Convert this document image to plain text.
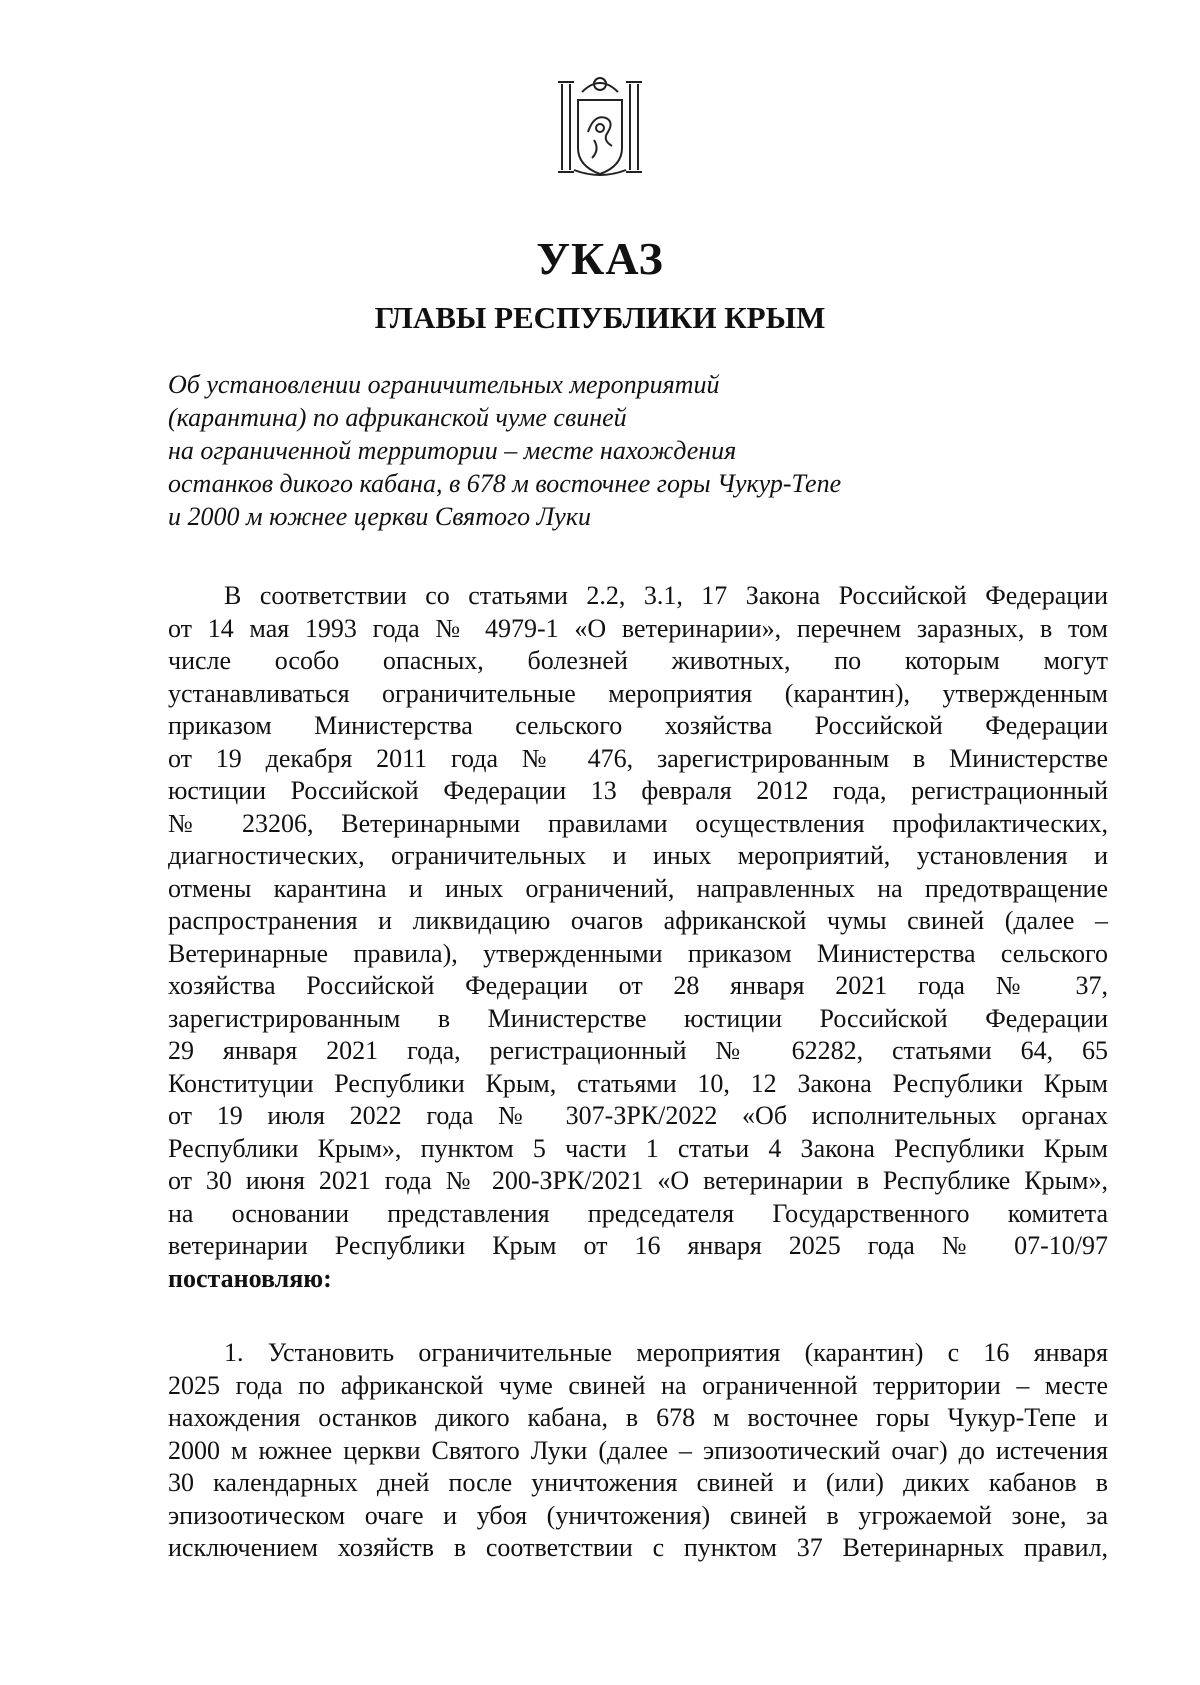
УКАЗ
ГЛАВЫ РЕСПУБЛИКИ КРЫМ
Об установлении ограничительных мероприятий
(карантина) по африканской чуме свиней
на ограниченной территории – месте нахождения
останков дикого кабана, в 678 м восточнее горы Чукур-Тепе
и 2000 м южнее церкви Святого Луки
В соответствии со статьями 2.2, 3.1, 17 Закона Российской Федерации
от 14 мая 1993 года № 4979-1 «О ветеринарии», перечнем заразных, в том
числе особо опасных, болезней животных, по которым могут
устанавливаться ограничительные мероприятия (карантин), утвержденным
приказом Министерства сельского хозяйства Российской Федерации
от 19 декабря 2011 года № 476, зарегистрированным в Министерстве
юстиции Российской Федерации 13 февраля 2012 года, регистрационный
№ 23206, Ветеринарными правилами осуществления профилактических,
диагностических, ограничительных и иных мероприятий, установления и
отмены карантина и иных ограничений, направленных на предотвращение
распространения и ликвидацию очагов африканской чумы свиней (далее –
Ветеринарные правила), утвержденными приказом Министерства сельского
хозяйства Российской Федерации от 28 января 2021 года № 37,
зарегистрированным в Министерстве юстиции Российской Федерации
29 января 2021 года, регистрационный № 62282, статьями 64, 65
Конституции Республики Крым, статьями 10, 12 Закона Республики Крым
от 19 июля 2022 года № 307-ЗРК/2022 «Об исполнительных органах
Республики Крым», пунктом 5 части 1 статьи 4 Закона Республики Крым
от 30 июня 2021 года № 200-ЗРК/2021 «О ветеринарии в Республике Крым»,
на основании представления председателя Государственного комитета
ветеринарии Республики Крым от 16 января 2025 года № 07-10/97
постановляю:
1. Установить ограничительные мероприятия (карантин) с 16 января
2025 года по африканской чуме свиней на ограниченной территории – месте
нахождения останков дикого кабана, в 678 м восточнее горы Чукур-Тепе и
2000 м южнее церкви Святого Луки (далее – эпизоотический очаг) до истечения
30 календарных дней после уничтожения свиней и (или) диких кабанов в
эпизоотическом очаге и убоя (уничтожения) свиней в угрожаемой зоне, за
исключением хозяйств в соответствии с пунктом 37 Ветеринарных правил,
